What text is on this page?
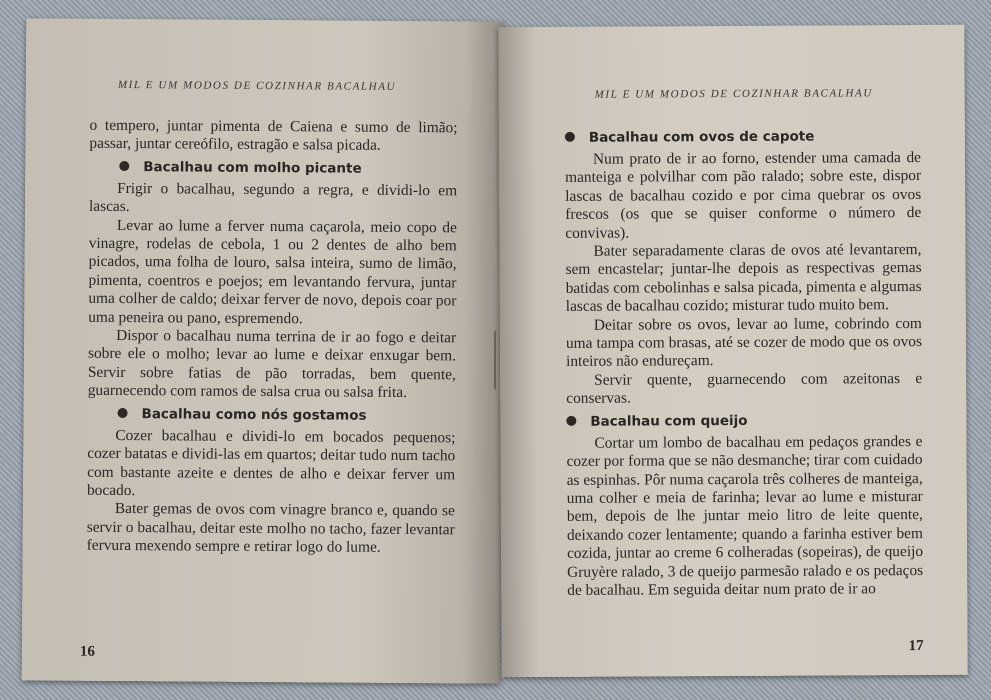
MIL E UM MODOS DE COZINHAR BACALHAU

o tempero, juntar pimenta de Caiena e sumo de limão; passar, juntar cereófilo, estragão e salsa picada.

Bacalhau com molho picante

Frigir o bacalhau, segundo a regra, e dividi-lo em lascas.

Levar ao lume a ferver numa caçarola, meio copo de vinagre, rodelas de cebola, 1 ou 2 dentes de alho bem picados, uma folha de louro, salsa inteira, sumo de limão, pimenta, coentros e poejos; em levantando fervura, juntar uma colher de caldo; deixar ferver de novo, depois coar por uma peneira ou pano, espremendo.

Dispor o bacalhau numa terrina de ir ao fogo e deitar sobre ele o molho; levar ao lume e deixar enxugar bem. Servir sobre fatias de pão torradas, bem quente, guarnecendo com ramos de salsa crua ou salsa frita.

Bacalhau como nós gostamos

Cozer bacalhau e dividi-lo em bocados pequenos; cozer batatas e dividi-las em quartos; deitar tudo num tacho com bastante azeite e dentes de alho e deixar ferver um bocado.

Bater gemas de ovos com vinagre branco e, quando se servir o bacalhau, deitar este molho no tacho, fazer levantar fervura mexendo sempre e retirar logo do lume.

16
MIL E UM MODOS DE COZINHAR BACALHAU
Bacalhau com ovos de capote

Num prato de ir ao forno, estender uma camada de manteiga e polvilhar com pão ralado; sobre este, dispor lascas de bacalhau cozido e por cima quebrar os ovos frescos (os que se quiser conforme o número de convivas).

Bater separadamente claras de ovos até levantarem, sem encastelar; juntar-lhe depois as respectivas gemas batidas com cebolinhas e salsa picada, pimenta e algumas lascas de bacalhau cozido; misturar tudo muito bem.

Deitar sobre os ovos, levar ao lume, cobrindo com uma tampa com brasas, até se cozer de modo que os ovos inteiros não endureçam.

Servir quente, guarnecendo com azeitonas e conservas.

Bacalhau com queijo

Cortar um lombo de bacalhau em pedaços grandes e cozer por forma que se não desmanche; tirar com cuidado as espinhas. Pôr numa caçarola três colheres de manteiga, uma colher e meia de farinha; levar ao lume e misturar bem, depois de lhe juntar meio litro de leite quente, deixando cozer lentamente; quando a farinha estiver bem cozida, juntar ao creme 6 colheradas (sopeiras), de queijo Gruyère ralado, 3 de queijo parmesão ralado e os pedaços de bacalhau. Em seguida deitar num prato de ir ao

17
